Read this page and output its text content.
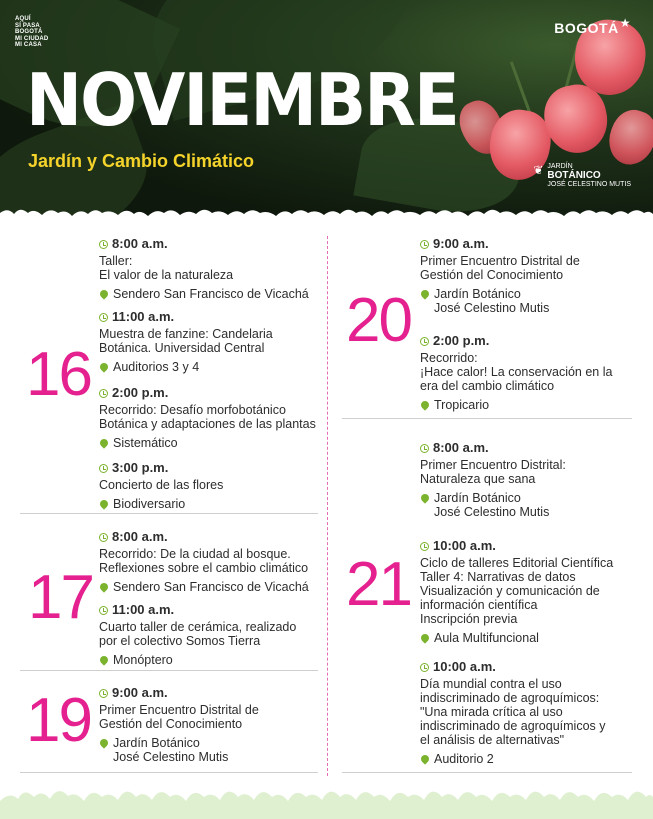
AQUÍ
SÍ PASA
BOGOTÁ
MI CIUDAD
MI CASA
BOGOTÁ★
NOVIEMBRE
Jardín y Cambio Climático	❦ JARDÍN
BOTÁNICO
JOSÉ CELESTINO MUTIS
16
8:00 a.m.
Taller:
El valor de la naturaleza
Sendero San Francisco de Vicachá
11:00 a.m.
Muestra de fanzine: Candelaria
Botánica. Universidad Central
Auditorios 3 y 4
2:00 p.m.
Recorrido: Desafío morfobotánico
Botánica y adaptaciones de las plantas
Sistemático
3:00 p.m.
Concierto de las flores
Biodiversario
17
8:00 a.m.
Recorrido: De la ciudad al bosque.
Reflexiones sobre el cambio climático
Sendero San Francisco de Vicachá
11:00 a.m.
Cuarto taller de cerámica, realizado
por el colectivo Somos Tierra
Monóptero
19 9:00 a.m.
Primer Encuentro Distrital de
Gestión del Conocimiento
Jardín Botánico
José Celestino Mutis
20
9:00 a.m.
Primer Encuentro Distrital de
Gestión del Conocimiento
Jardín Botánico
José Celestino Mutis
2:00 p.m.
Recorrido:
¡Hace calor! La conservación en la
era del cambio climático
Tropicario
21
8:00 a.m.
Primer Encuentro Distrital:
Naturaleza que sana
Jardín Botánico
José Celestino Mutis
10:00 a.m.
Ciclo de talleres Editorial Científica
Taller 4: Narrativas de datos
Visualización y comunicación de
información científica
Inscripción previa
Aula Multifuncional
10:00 a.m.
Día mundial contra el uso
indiscriminado de agroquímicos:
"Una mirada crítica al uso
indiscriminado de agroquímicos y
el análisis de alternativas"
Auditorio 2
